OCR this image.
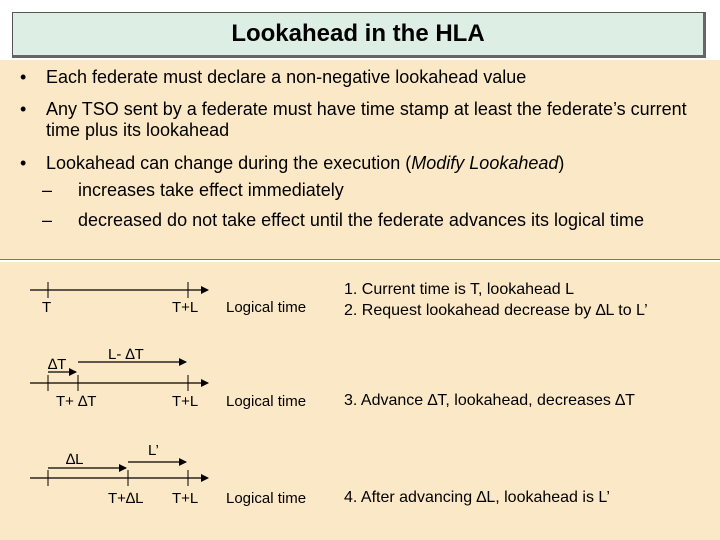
Lookahead in the HLA
• Each federate must declare a non-negative lookahead value
• Any TSO sent by a federate must have time stamp at least the federate’s current time plus its lookahead
• Lookahead can change during the execution (Modify Lookahead)
– increases take effect immediately
– decreased do not take effect until the federate advances its logical time
T	T+L Logical time
L- ∆T
∆T
T+ ∆T	T+L Logical time
L’
∆L
T+∆L T+L Logical time
1. Current time is T, lookahead L
2. Request lookahead decrease by ∆L to L’
3. Advance ∆T, lookahead, decreases ∆T
4. After advancing ∆L, lookahead is L’
